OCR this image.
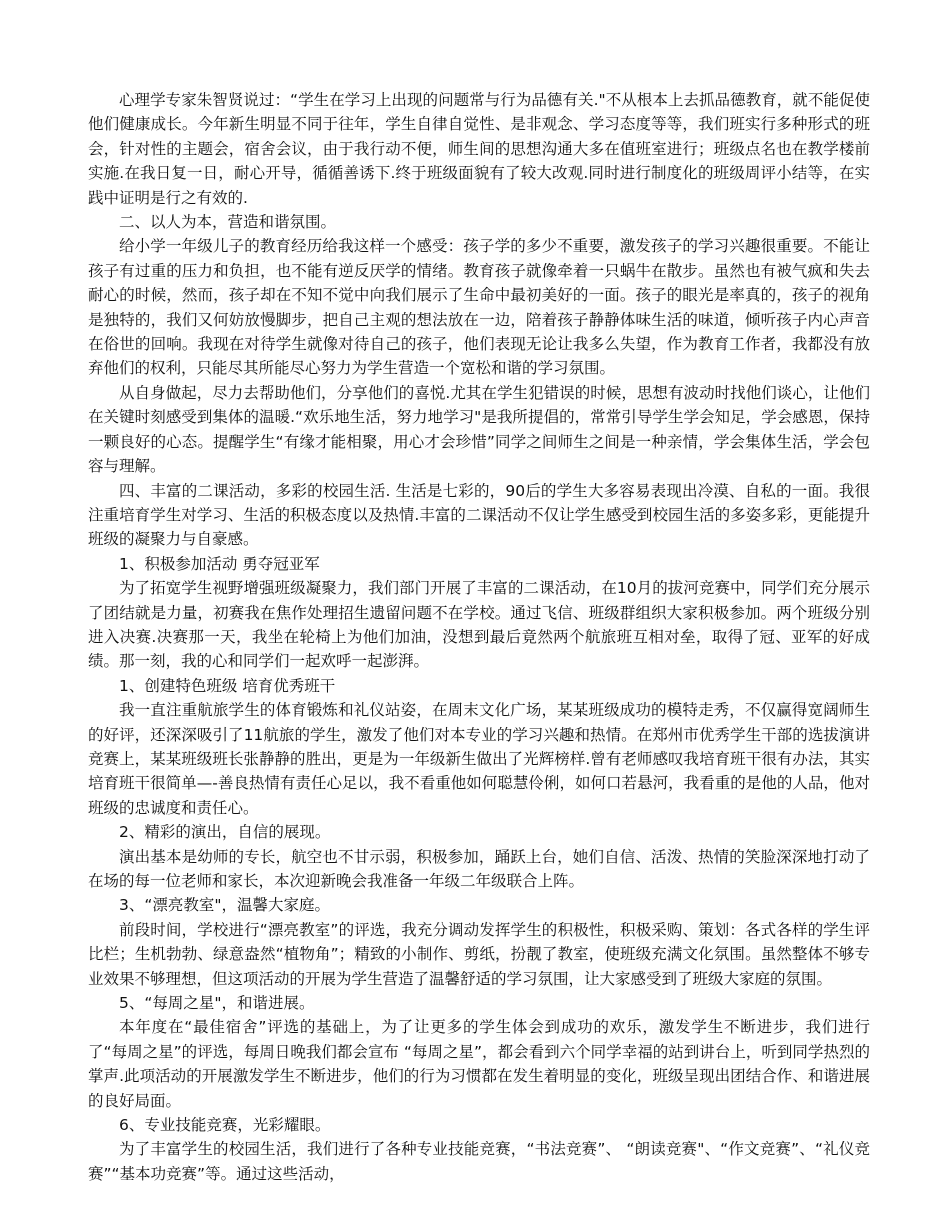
心理学专家朱智贤说过：“学生在学习上出现的问题常与行为品德有关."不从根本上去抓品德教育，就不能促使他们健康成长。今年新生明显不同于往年，学生自律自觉性、是非观念、学习态度等等，我们班实行多种形式的班会，针对性的主题会，宿舍会议，由于我行动不便，师生间的思想沟通大多在值班室进行；班级点名也在教学楼前实施.在我日复一日，耐心开导，循循善诱下.终于班级面貌有了较大改观.同时进行制度化的班级周评小结等，在实践中证明是行之有效的.

二、以人为本，营造和谐氛围。

给小学一年级儿子的教育经历给我这样一个感受：孩子学的多少不重要，激发孩子的学习兴趣很重要。不能让孩子有过重的压力和负担，也不能有逆反厌学的情绪。教育孩子就像牵着一只蜗牛在散步。虽然也有被气疯和失去耐心的时候，然而，孩子却在不知不觉中向我们展示了生命中最初美好的一面。孩子的眼光是率真的，孩子的视角是独特的，我们又何妨放慢脚步，把自己主观的想法放在一边，陪着孩子静静体味生活的味道，倾听孩子内心声音在俗世的回响。我现在对待学生就像对待自己的孩子，他们表现无论让我多么失望，作为教育工作者，我都没有放弃他们的权利，只能尽其所能尽心努力为学生营造一个宽松和谐的学习氛围。

从自身做起，尽力去帮助他们，分享他们的喜悦.尤其在学生犯错误的时候，思想有波动时找他们谈心，让他们在关键时刻感受到集体的温暖.“欢乐地生活，努力地学习"是我所提倡的，常常引导学生学会知足，学会感恩，保持一颗良好的心态。提醒学生“有缘才能相聚，用心才会珍惜”同学之间师生之间是一种亲情，学会集体生活，学会包容与理解。

四、丰富的二课活动，多彩的校园生活. 生活是七彩的，90后的学生大多容易表现出冷漠、自私的一面。我很注重培育学生对学习、生活的积极态度以及热情.丰富的二课活动不仅让学生感受到校园生活的多姿多彩，更能提升班级的凝聚力与自豪感。

1、积极参加活动 勇夺冠亚军

为了拓宽学生视野增强班级凝聚力，我们部门开展了丰富的二课活动，在10月的拔河竞赛中，同学们充分展示了团结就是力量，初赛我在焦作处理招生遗留问题不在学校。通过飞信、班级群组织大家积极参加。两个班级分别进入决赛.决赛那一天，我坐在轮椅上为他们加油，没想到最后竟然两个航旅班互相对垒，取得了冠、亚军的好成绩。那一刻，我的心和同学们一起欢呼一起澎湃。

1、创建特色班级 培育优秀班干

我一直注重航旅学生的体育锻炼和礼仪站姿，在周末文化广场，某某班级成功的模特走秀，不仅赢得宽阔师生的好评，还深深吸引了11航旅的学生，激发了他们对本专业的学习兴趣和热情。在郑州市优秀学生干部的选拔演讲竞赛上，某某班级班长张静静的胜出，更是为一年级新生做出了光辉榜样.曾有老师感叹我培育班干很有办法，其实培育班干很简单—-善良热情有责任心足以，我不看重他如何聪慧伶俐，如何口若悬河，我看重的是他的人品，他对班级的忠诚度和责任心。

2、精彩的演出，自信的展现。

演出基本是幼师的专长，航空也不甘示弱，积极参加，踊跃上台，她们自信、活泼、热情的笑脸深深地打动了在场的每一位老师和家长，本次迎新晚会我准备一年级二年级联合上阵。

3、“漂亮教室"，温馨大家庭。

前段时间，学校进行“漂亮教室”的评选，我充分调动发挥学生的积极性，积极采购、策划：各式各样的学生评比栏；生机勃勃、绿意盎然“植物角”；精致的小制作、剪纸，扮靓了教室，使班级充满文化氛围。虽然整体不够专业效果不够理想，但这项活动的开展为学生营造了温馨舒适的学习氛围，让大家感受到了班级大家庭的氛围。

5、“每周之星"，和谐进展。

本年度在“最佳宿舍”评选的基础上，为了让更多的学生体会到成功的欢乐，激发学生不断进步，我们进行了“每周之星”的评选，每周日晚我们都会宣布 “每周之星”，都会看到六个同学幸福的站到讲台上，听到同学热烈的掌声.此项活动的开展激发学生不断进步，他们的行为习惯都在发生着明显的变化，班级呈现出团结合作、和谐进展的良好局面。

6、专业技能竞赛，光彩耀眼。

为了丰富学生的校园生活，我们进行了各种专业技能竞赛，“书法竞赛”、 “朗读竞赛"、“作文竞赛”、“礼仪竞赛”“基本功竞赛”等。通过这些活动，
